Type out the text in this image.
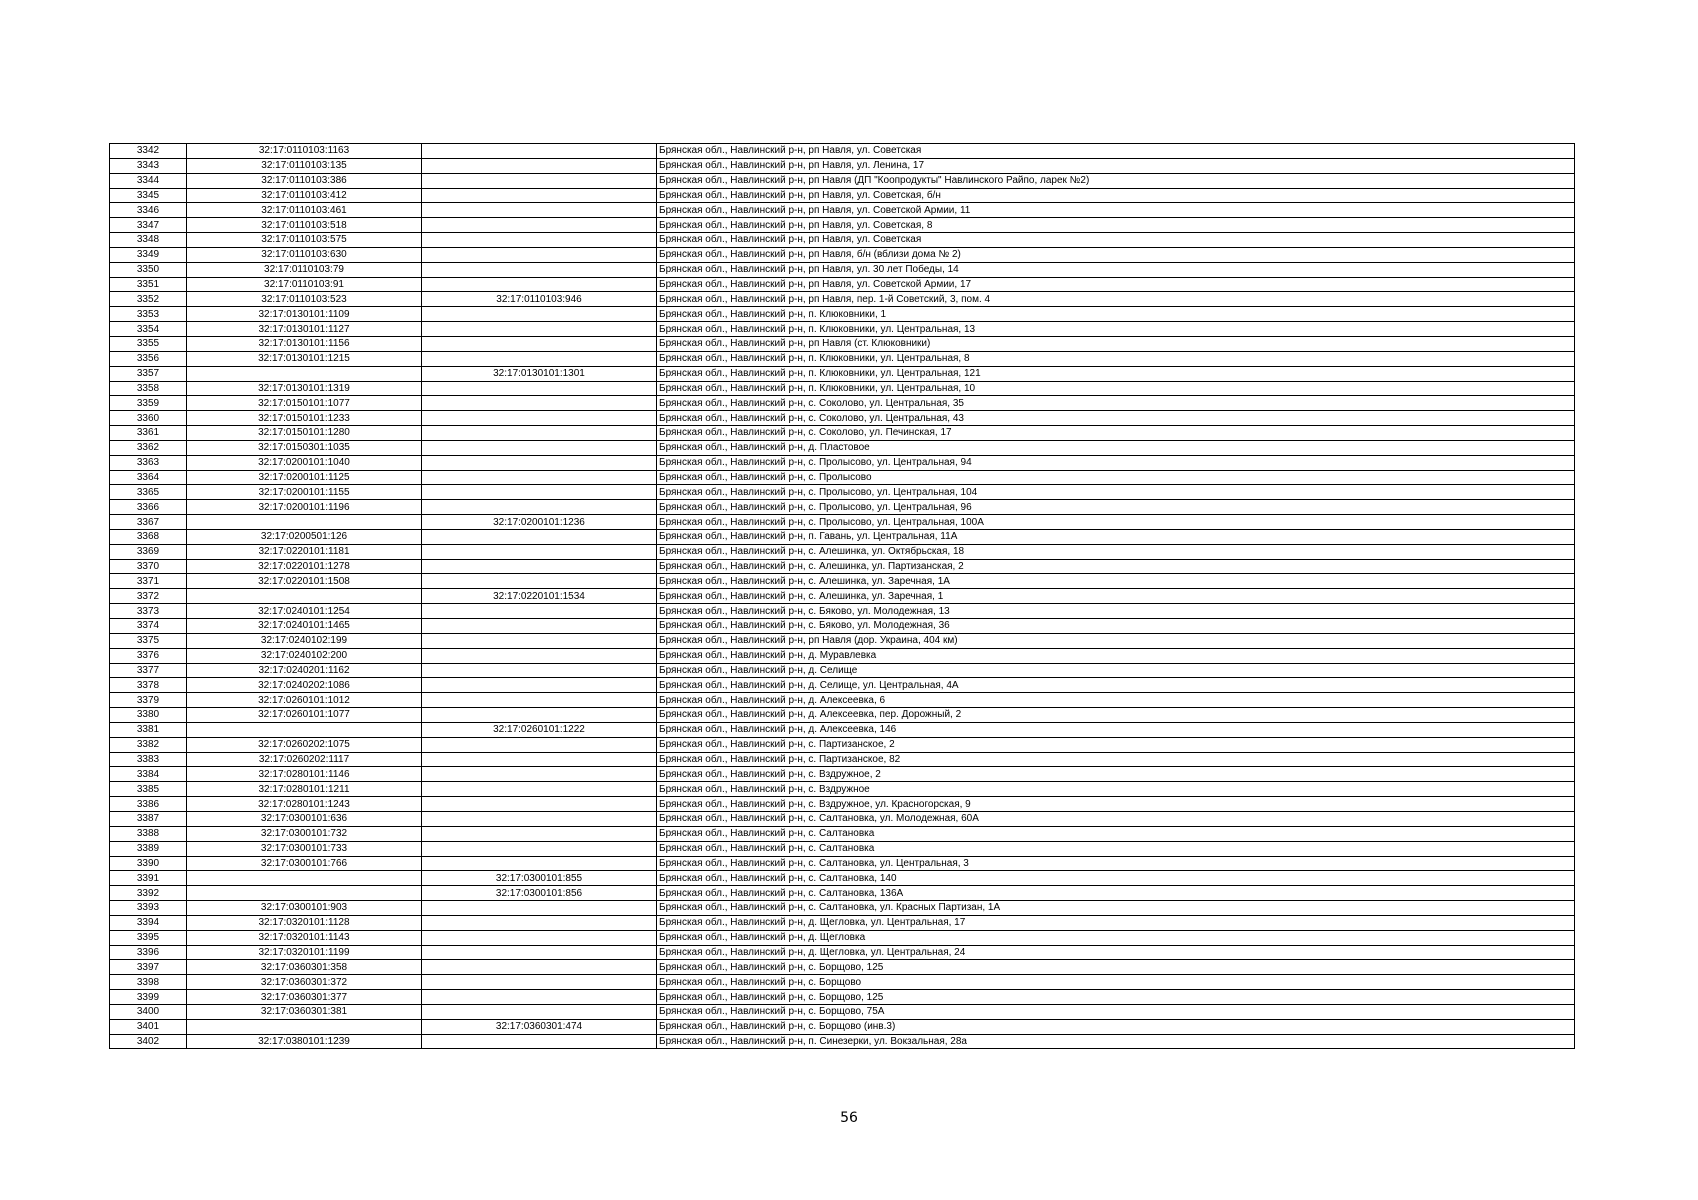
3342	32:17:0110103:1163		Брянская обл., Навлинский р-н, рп Навля, ул. Советская
3343	32:17:0110103:135		Брянская обл., Навлинский р-н, рп Навля, ул. Ленина, 17
3344	32:17:0110103:386		Брянская обл., Навлинский р-н, рп Навля (ДП "Коопродукты" Навлинского Райпо, ларек №2)
3345	32:17:0110103:412		Брянская обл., Навлинский р-н, рп Навля, ул. Советская, б/н
3346	32:17:0110103:461		Брянская обл., Навлинский р-н, рп Навля, ул. Советской Армии, 11
3347	32:17:0110103:518		Брянская обл., Навлинский р-н, рп Навля, ул. Советская, 8
3348	32:17:0110103:575		Брянская обл., Навлинский р-н, рп Навля, ул. Советская
3349	32:17:0110103:630		Брянская обл., Навлинский р-н, рп Навля, б/н (вблизи дома № 2)
3350	32:17:0110103:79		Брянская обл., Навлинский р-н, рп Навля, ул. 30 лет Победы, 14
3351	32:17:0110103:91		Брянская обл., Навлинский р-н, рп Навля, ул. Советской Армии, 17
3352	32:17:0110103:523	32:17:0110103:946	Брянская обл., Навлинский р-н, рп Навля, пер. 1-й Советский, 3, пом. 4
3353	32:17:0130101:1109		Брянская обл., Навлинский р-н, п. Клюковники, 1
3354	32:17:0130101:1127		Брянская обл., Навлинский р-н, п. Клюковники, ул. Центральная, 13
3355	32:17:0130101:1156		Брянская обл., Навлинский р-н, рп Навля (ст. Клюковники)
3356	32:17:0130101:1215		Брянская обл., Навлинский р-н, п. Клюковники, ул. Центральная, 8
3357		32:17:0130101:1301	Брянская обл., Навлинский р-н, п. Клюковники, ул. Центральная, 121
3358	32:17:0130101:1319		Брянская обл., Навлинский р-н, п. Клюковники, ул. Центральная, 10
3359	32:17:0150101:1077		Брянская обл., Навлинский р-н, с. Соколово, ул. Центральная, 35
3360	32:17:0150101:1233		Брянская обл., Навлинский р-н, с. Соколово, ул. Центральная, 43
3361	32:17:0150101:1280		Брянская обл., Навлинский р-н, с. Соколово, ул. Печинская, 17
3362	32:17:0150301:1035		Брянская обл., Навлинский р-н, д. Пластовое
3363	32:17:0200101:1040		Брянская обл., Навлинский р-н, с. Пролысово, ул. Центральная, 94
3364	32:17:0200101:1125		Брянская обл., Навлинский р-н, с. Пролысово
3365	32:17:0200101:1155		Брянская обл., Навлинский р-н, с. Пролысово, ул. Центральная, 104
3366	32:17:0200101:1196		Брянская обл., Навлинский р-н, с. Пролысово, ул. Центральная, 96
3367		32:17:0200101:1236	Брянская обл., Навлинский р-н, с. Пролысово, ул. Центральная, 100А
3368	32:17:0200501:126		Брянская обл., Навлинский р-н, п. Гавань, ул. Центральная, 11А
3369	32:17:0220101:1181		Брянская обл., Навлинский р-н, с. Алешинка, ул. Октябрьская, 18
3370	32:17:0220101:1278		Брянская обл., Навлинский р-н, с. Алешинка, ул. Партизанская, 2
3371	32:17:0220101:1508		Брянская обл., Навлинский р-н, с. Алешинка, ул. Заречная, 1А
3372		32:17:0220101:1534	Брянская обл., Навлинский р-н, с. Алешинка, ул. Заречная, 1
3373	32:17:0240101:1254		Брянская обл., Навлинский р-н, с. Бяково, ул. Молодежная, 13
3374	32:17:0240101:1465		Брянская обл., Навлинский р-н, с. Бяково, ул. Молодежная, 36
3375	32:17:0240102:199		Брянская обл., Навлинский р-н, рп Навля (дор. Украина, 404 км)
3376	32:17:0240102:200		Брянская обл., Навлинский р-н, д. Муравлевка
3377	32:17:0240201:1162		Брянская обл., Навлинский р-н, д. Селище
3378	32:17:0240202:1086		Брянская обл., Навлинский р-н, д. Селище, ул. Центральная, 4А
3379	32:17:0260101:1012		Брянская обл., Навлинский р-н, д. Алексеевка, 6
3380	32:17:0260101:1077		Брянская обл., Навлинский р-н, д. Алексеевка, пер. Дорожный, 2
3381		32:17:0260101:1222	Брянская обл., Навлинский р-н, д. Алексеевка, 146
3382	32:17:0260202:1075		Брянская обл., Навлинский р-н, с. Партизанское, 2
3383	32:17:0260202:1117		Брянская обл., Навлинский р-н, с. Партизанское, 82
3384	32:17:0280101:1146		Брянская обл., Навлинский р-н, с. Вздружное, 2
3385	32:17:0280101:1211		Брянская обл., Навлинский р-н, с. Вздружное
3386	32:17:0280101:1243		Брянская обл., Навлинский р-н, с. Вздружное, ул. Красногорская, 9
3387	32:17:0300101:636		Брянская обл., Навлинский р-н, с. Салтановка, ул. Молодежная, 60А
3388	32:17:0300101:732		Брянская обл., Навлинский р-н, с. Салтановка
3389	32:17:0300101:733		Брянская обл., Навлинский р-н, с. Салтановка
3390	32:17:0300101:766		Брянская обл., Навлинский р-н, с. Салтановка, ул. Центральная, 3
3391		32:17:0300101:855	Брянская обл., Навлинский р-н, с. Салтановка, 140
3392		32:17:0300101:856	Брянская обл., Навлинский р-н, с. Салтановка, 136А
3393	32:17:0300101:903		Брянская обл., Навлинский р-н, с. Салтановка, ул. Красных Партизан, 1А
3394	32:17:0320101:1128		Брянская обл., Навлинский р-н, д. Щегловка, ул. Центральная, 17
3395	32:17:0320101:1143		Брянская обл., Навлинский р-н, д. Щегловка
3396	32:17:0320101:1199		Брянская обл., Навлинский р-н, д. Щегловка, ул. Центральная, 24
3397	32:17:0360301:358		Брянская обл., Навлинский р-н, с. Борщово, 125
3398	32:17:0360301:372		Брянская обл., Навлинский р-н, с. Борщово
3399	32:17:0360301:377		Брянская обл., Навлинский р-н, с. Борщово, 125
3400	32:17:0360301:381		Брянская обл., Навлинский р-н, с. Борщово, 75А
3401		32:17:0360301:474	Брянская обл., Навлинский р-н, с. Борщово (инв.3)
3402	32:17:0380101:1239		Брянская обл., Навлинский р-н, п. Синезерки, ул. Вокзальная, 28а
56
